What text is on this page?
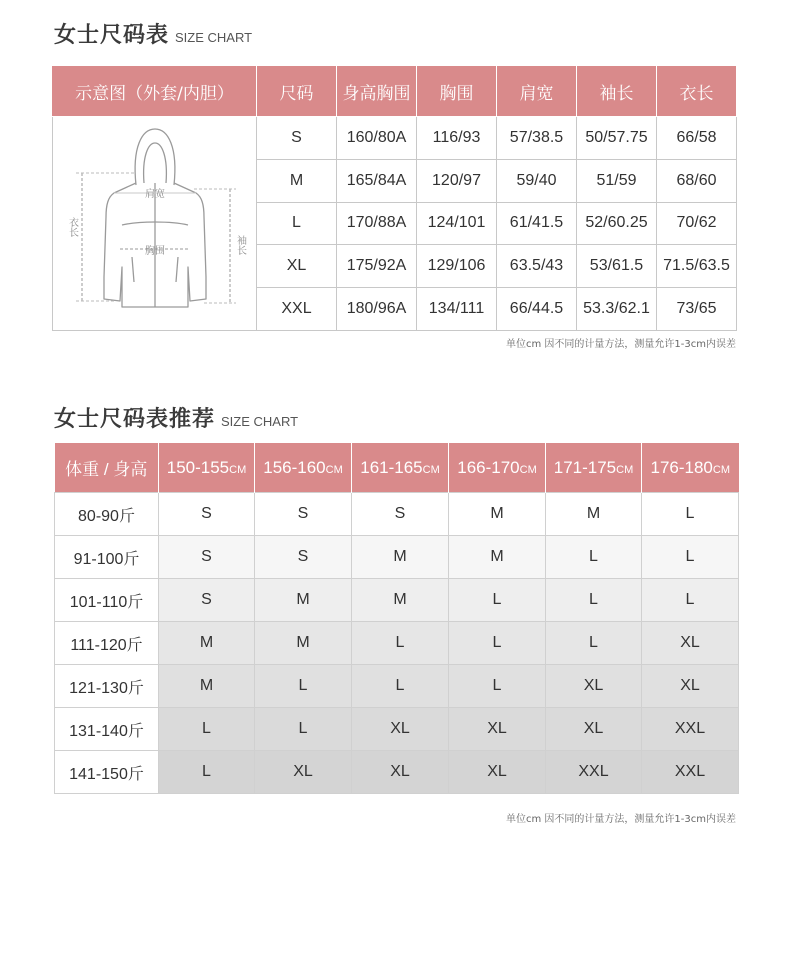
女士尺码表 SIZE CHART
示意图（外套/内胆）	尺码	身高胸围	胸围	肩宽	袖长	衣长

肩宽
胸围
衣长
袖长	S	160/80A	116/93	57/38.5	50/57.75	66/58
	M	165/84A	120/97	59/40	51/59	68/60
	L	170/88A	124/101	61/41.5	52/60.25	70/62
	XL	175/92A	129/106	63.5/43	53/61.5	71.5/63.5
	XXL	180/96A	134/111	66/44.5	53.3/62.1	73/65
单位cm 因不同的计量方法，测量允许1-3cm内误差
女士尺码表推荐 SIZE CHART
体重 / 身高	150-155CM	156-160CM	161-165CM	166-170CM	171-175CM	176-180CM
80-90斤	S	S	S	M	M	L
91-100斤	S	S	M	M	L	L
101-110斤	S	M	M	L	L	L
111-120斤	M	M	L	L	L	XL
121-130斤	M	L	L	L	XL	XL
131-140斤	L	L	XL	XL	XL	XXL
141-150斤	L	XL	XL	XL	XXL	XXL
单位cm 因不同的计量方法，测量允许1-3cm内误差
